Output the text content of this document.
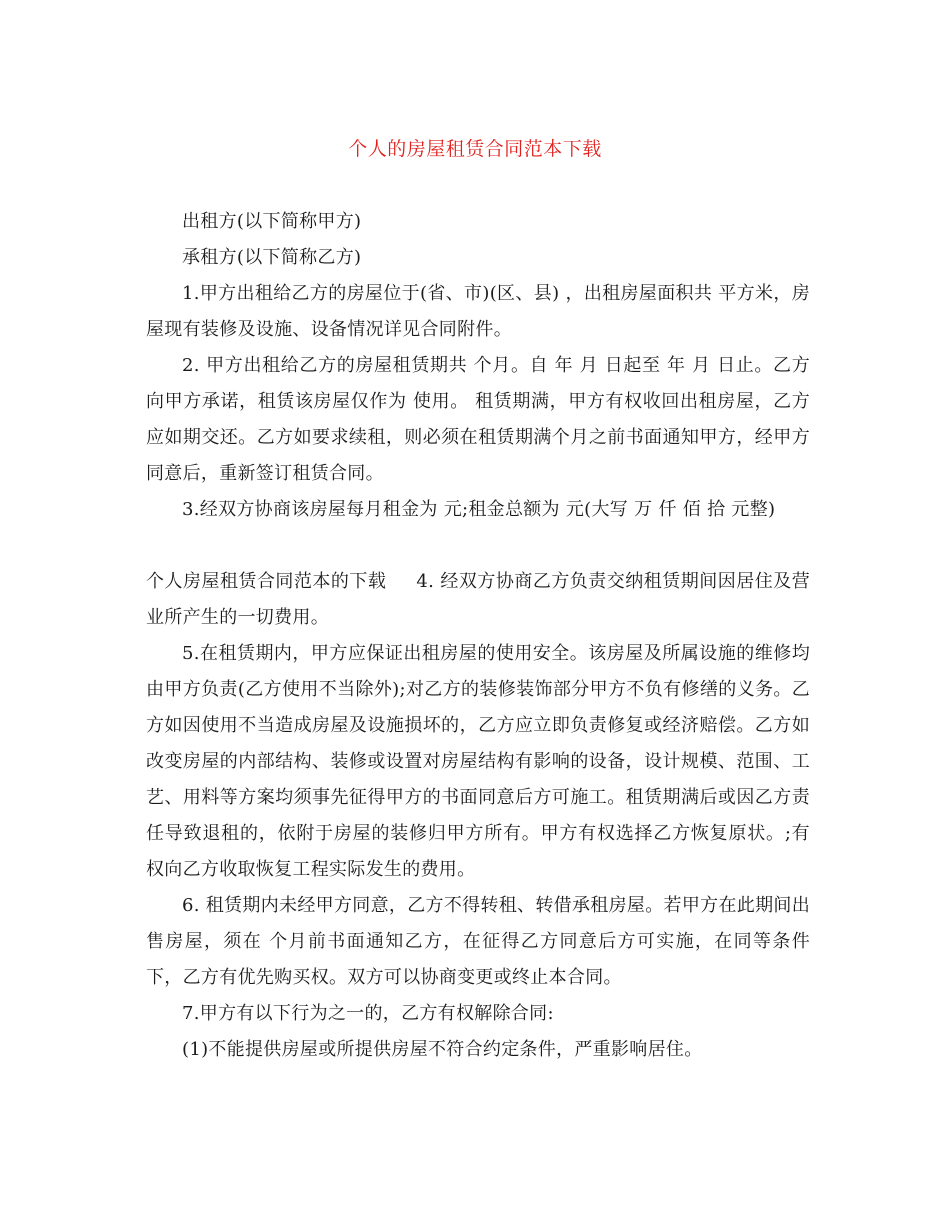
个人的房屋租赁合同范本下载

出租方(以下简称甲方)

承租方(以下简称乙方)

1.甲方出租给乙方的房屋位于(省、市)(区、县) ，出租房屋面积共 平方米，房屋现有装修及设施、设备情况详见合同附件。

2. 甲方出租给乙方的房屋租赁期共 个月。自 年 月 日起至 年 月 日止。乙方向甲方承诺，租赁该房屋仅作为 使用。 租赁期满，甲方有权收回出租房屋，乙方应如期交还。乙方如要求续租，则必须在租赁期满个月之前书面通知甲方，经甲方同意后，重新签订租赁合同。

3.经双方协商该房屋每月租金为 元;租金总额为 元(大写 万 仟 佰 拾 元整)

个人房屋租赁合同范本的下载 4. 经双方协商乙方负责交纳租赁期间因居住及营业所产生的一切费用。

5.在租赁期内，甲方应保证出租房屋的使用安全。该房屋及所属设施的维修均由甲方负责(乙方使用不当除外);对乙方的装修装饰部分甲方不负有修缮的义务。乙方如因使用不当造成房屋及设施损坏的，乙方应立即负责修复或经济赔偿。乙方如改变房屋的内部结构、装修或设置对房屋结构有影响的设备，设计规模、范围、工艺、用料等方案均须事先征得甲方的书面同意后方可施工。租赁期满后或因乙方责任导致退租的，依附于房屋的装修归甲方所有。甲方有权选择乙方恢复原状。;有权向乙方收取恢复工程实际发生的费用。

6. 租赁期内未经甲方同意，乙方不得转租、转借承租房屋。若甲方在此期间出售房屋，须在 个月前书面通知乙方，在征得乙方同意后方可实施，在同等条件下，乙方有优先购买权。双方可以协商变更或终止本合同。

7.甲方有以下行为之一的，乙方有权解除合同:

(1)不能提供房屋或所提供房屋不符合约定条件，严重影响居住。
